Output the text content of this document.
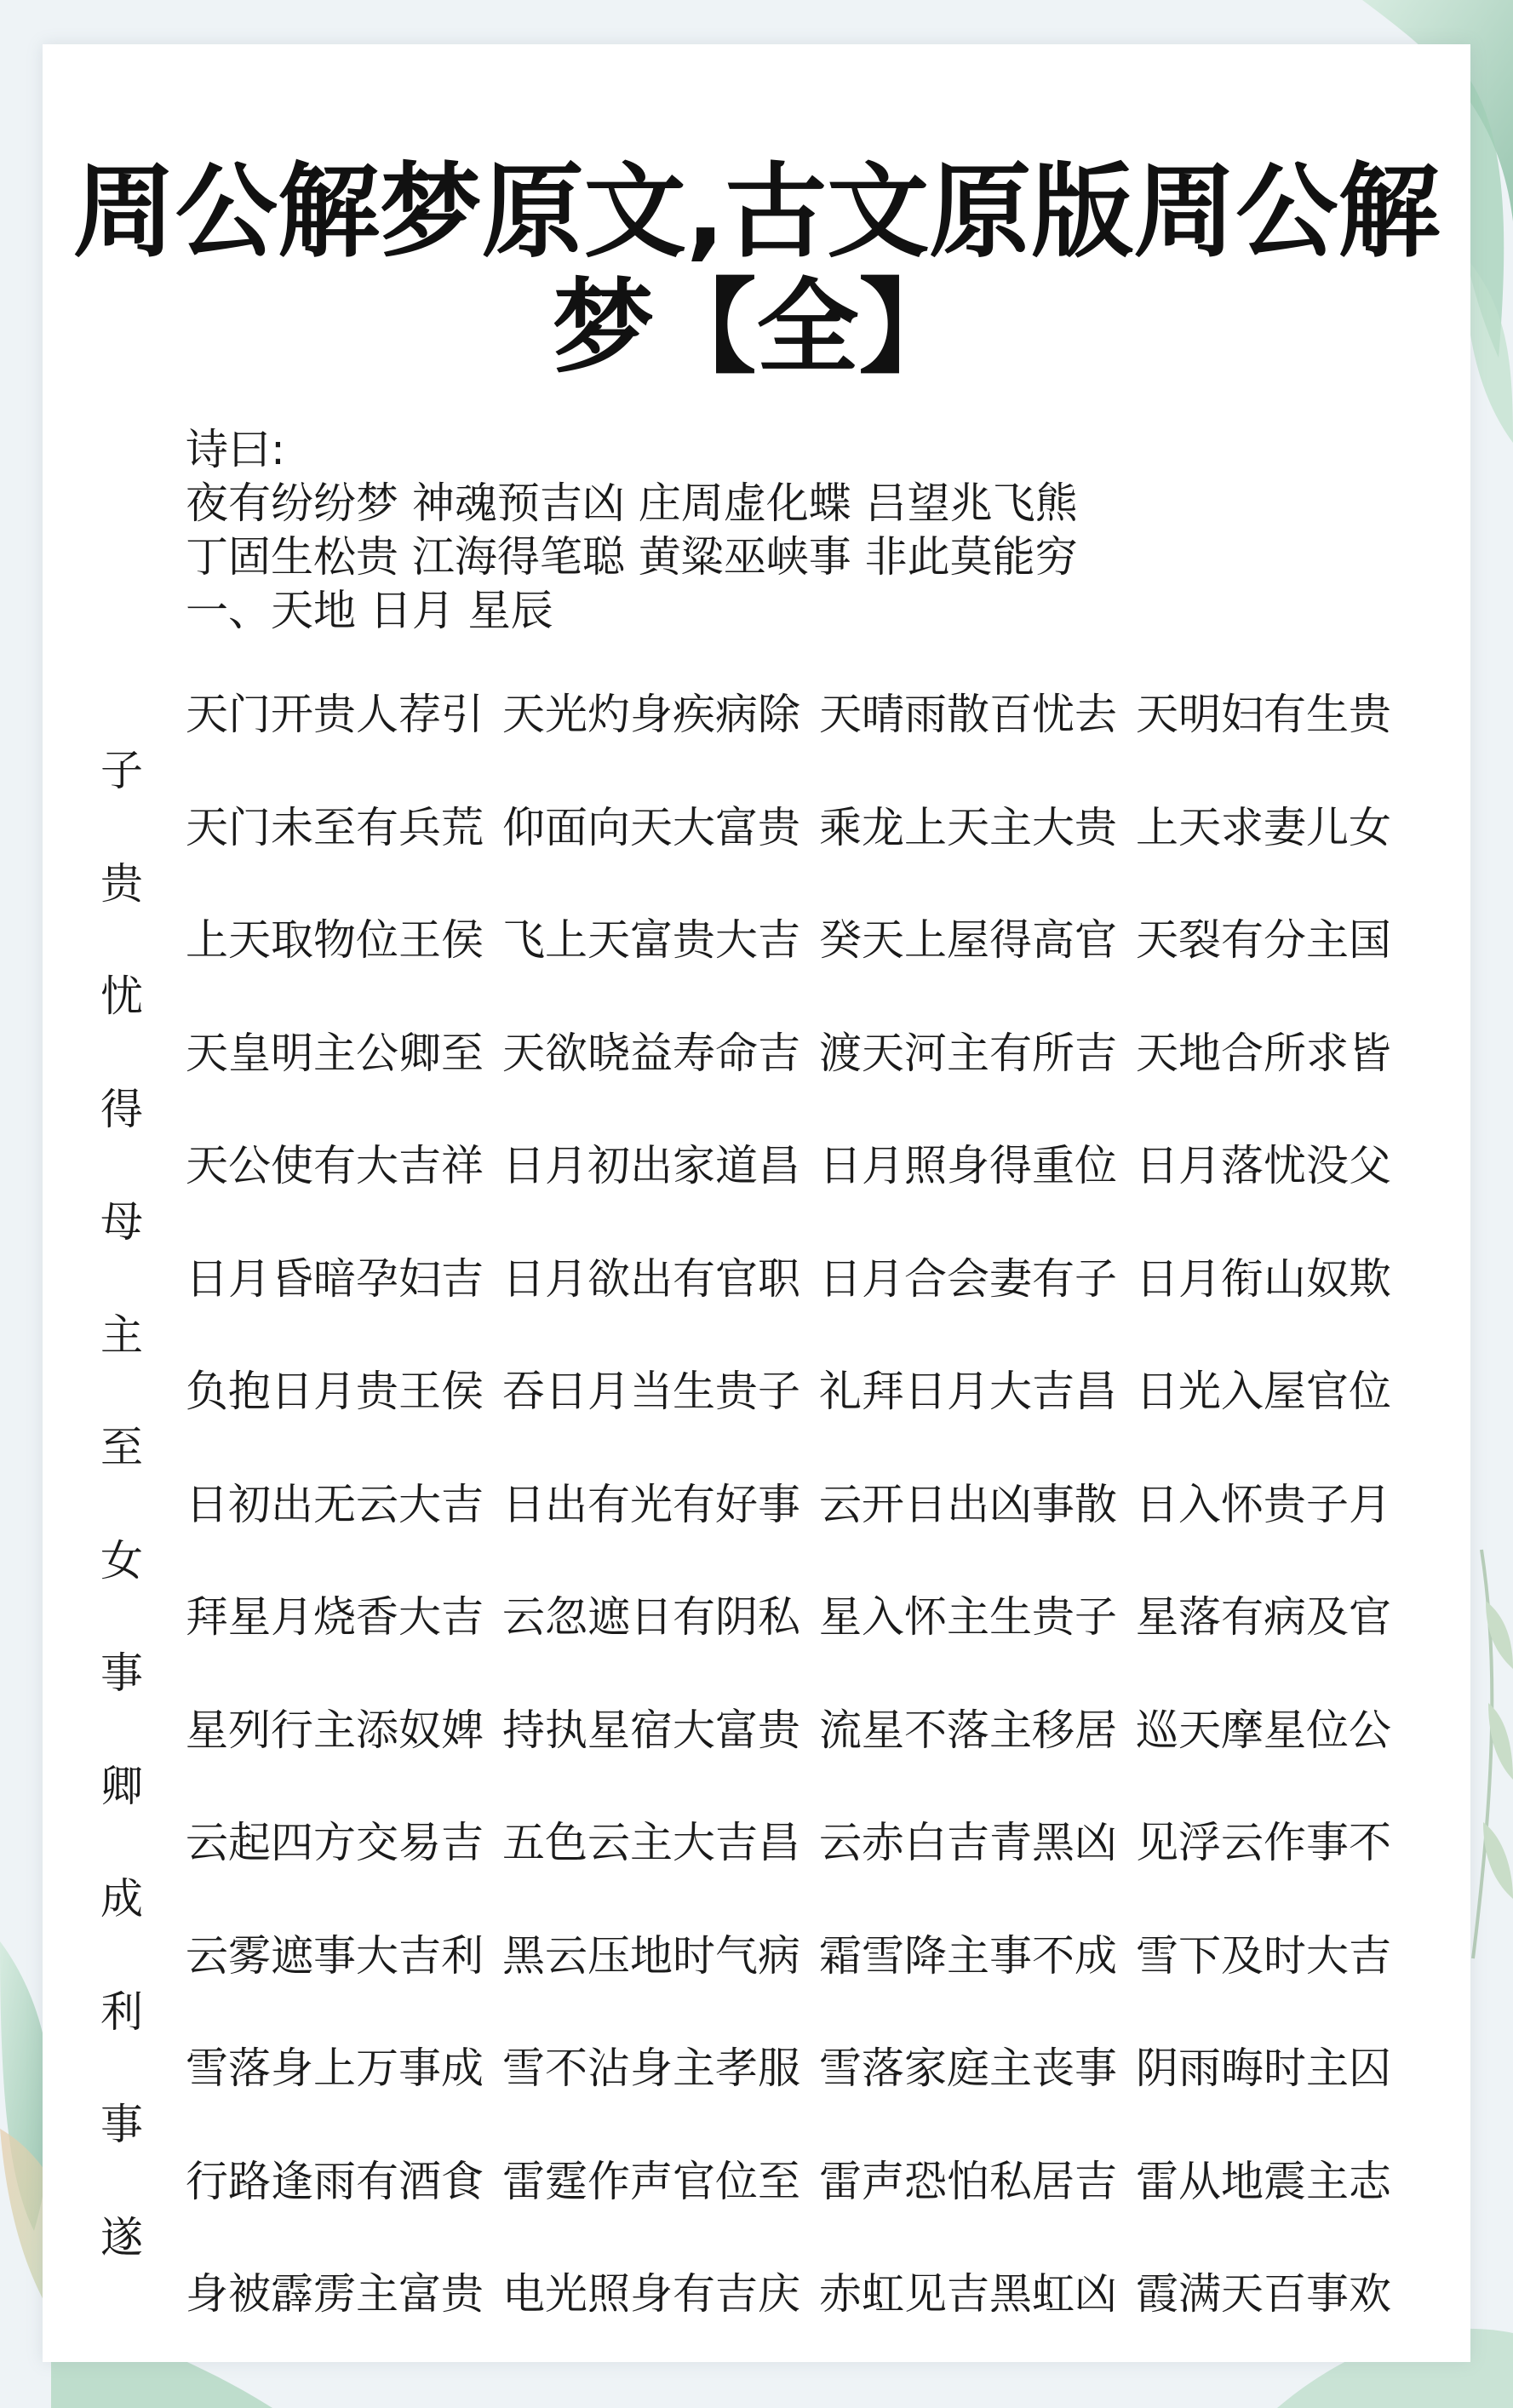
周公解梦原文,古文原版周公解
梦【全】
诗曰:
夜有纷纷梦 神魂预吉凶 庄周虚化蝶 吕望兆飞熊
丁固生松贵 江海得笔聪 黄粱巫峡事 非此莫能穷
一、天地 日月 星辰
天门开贵人荐引 天光灼身疾病除 天晴雨散百忧去 天明妇有生贵
天门未至有兵荒 仰面向天大富贵 乘龙上天主大贵 上天求妻儿女
上天取物位王侯 飞上天富贵大吉 癸天上屋得高官 天裂有分主国
天皇明主公卿至 天欲晓益寿命吉 渡天河主有所吉 天地合所求皆
天公使有大吉祥 日月初出家道昌 日月照身得重位 日月落忧没父
日月昏暗孕妇吉 日月欲出有官职 日月合会妻有子 日月衔山奴欺
负抱日月贵王侯 吞日月当生贵子 礼拜日月大吉昌 日光入屋官位
日初出无云大吉 日出有光有好事 云开日出凶事散 日入怀贵子月
拜星月烧香大吉 云忽遮日有阴私 星入怀主生贵子 星落有病及官
星列行主添奴婢 持执星宿大富贵 流星不落主移居 巡天摩星位公
云起四方交易吉 五色云主大吉昌 云赤白吉青黑凶 见浮云作事不
云雾遮事大吉利 黑云压地时气病 霜雪降主事不成 雪下及时大吉
雪落身上万事成 雪不沾身主孝服 雪落家庭主丧事 阴雨晦时主囚
行路逢雨有酒食 雷霆作声官位至 雷声恐怕私居吉 雷从地震主志
身被霹雳主富贵 电光照身有吉庆 赤虹见吉黑虹凶 霞满天百事欢
子
贵
忧
得
母
主
至
女
事
卿
成
利
事
遂
